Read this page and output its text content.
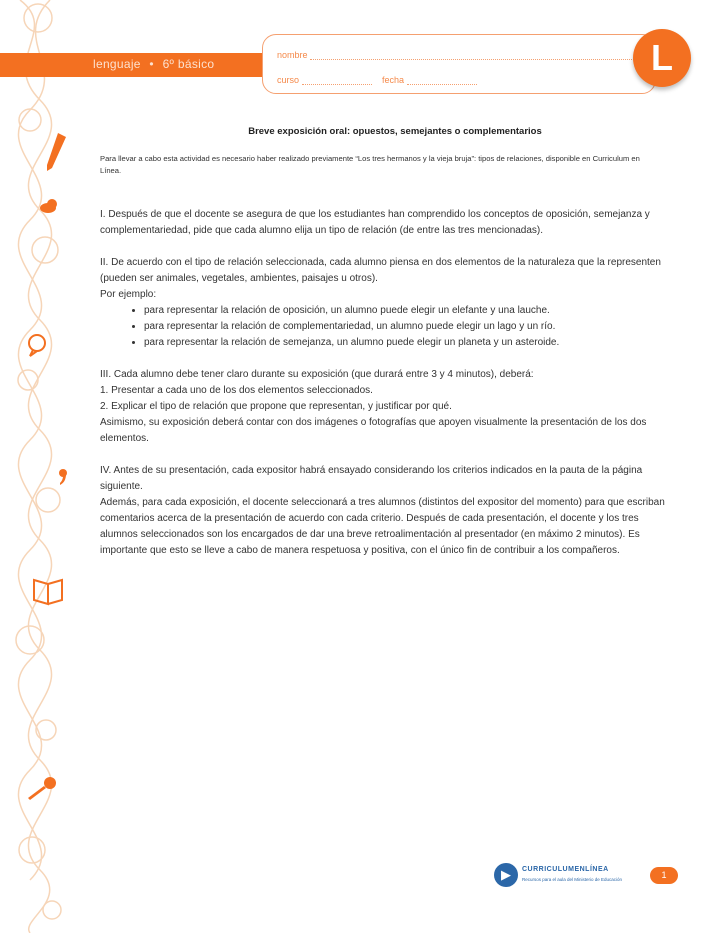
lenguaje • 6º básico
nombre
curso	fecha
L
Breve exposición oral: opuestos, semejantes o complementarios
Para llevar a cabo esta actividad es necesario haber realizado previamente “Los tres hermanos y la vieja bruja”: tipos de relaciones, disponible en Curriculum en Línea.

I. Después de que el docente se asegura de que los estudiantes han comprendido los conceptos de oposición, semejanza y complementariedad, pide que cada alumno elija un tipo de relación (de entre las tres mencionadas).

II. De acuerdo con el tipo de relación seleccionada, cada alumno piensa en dos elementos de la naturaleza que la representen (pueden ser animales, vegetales, ambientes, paisajes u otros).
Por ejemplo:
• para representar la relación de oposición, un alumno puede elegir un elefante y una lauche.
• para representar la relación de complementariedad, un alumno puede elegir un lago y un río.
• para representar la relación de semejanza, un alumno puede elegir un planeta y un asteroide.
III. Cada alumno debe tener claro durante su exposición (que durará entre 3 y 4 minutos), deberá:
1. Presentar a cada uno de los dos elementos seleccionados.
2. Explicar el tipo de relación que propone que representan, y justificar por qué.
Asimismo, su exposición deberá contar con dos imágenes o fotografías que apoyen visualmente la presentación de los dos elementos.
IV. Antes de su presentación, cada expositor habrá ensayado considerando los criterios indicados en la pauta de la página siguiente.
Además, para cada exposición, el docente seleccionará a tres alumnos (distintos del expositor del momento) para que escriban comentarios acerca de la presentación de acuerdo con cada criterio. Después de cada presentación, el docente y los tres alumnos seleccionados son los encargados de dar una breve retroalimentación al presentador (en máximo 2 minutos). Es importante que esto se lleve a cabo de manera respetuosa y positiva, con el único fin de contribuir a los compañeros.
▶	CURRICULUMENLÍNEA
Recursos para el aula del Ministerio de Educación	1
